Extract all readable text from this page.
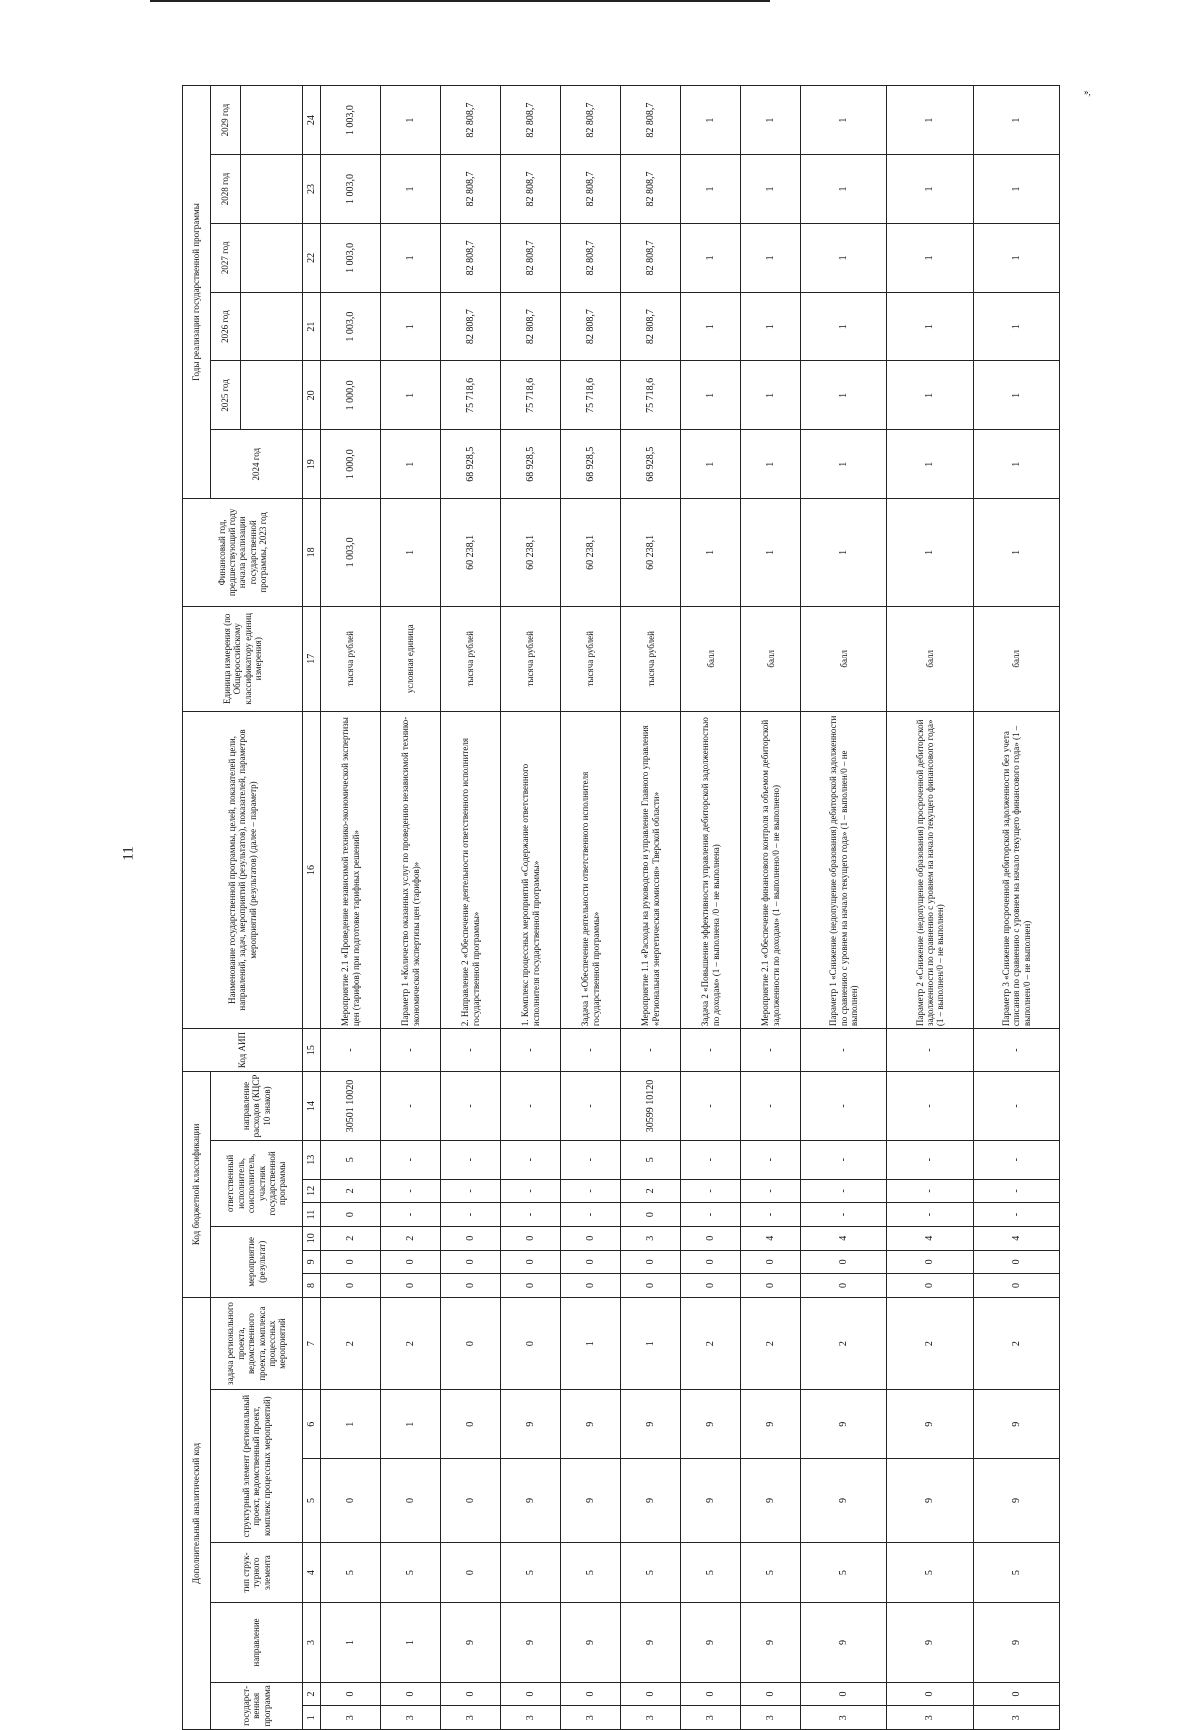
11
Дополнительный аналитический код							Код бюджетной классификации							Код АИП	Наименование государственной программы, целей, показателей цели, направлений, задач, мероприятий (результатов), показателей, параметров мероприятий (результатов) (далее – параметр)	Единица измерения (по Общероссийскому классификатору единиц измерения)	Финансовый год, предшествующий году начала реализации государственной программы, 2023 год	Годы реализации государственной программы					
государст-венная программа		направление	тип струк-турного элемента	структурный элемент (региональный проект, ведомственный проект, комплекс процессных мероприятий)		задача регионального проекта, ведомственного проекта, комплекса процессных мероприятий	мероприятие (результат)			ответственный исполнитель, соисполнитель, участник государственной программы			направление расходов (КЦСР 10 знаков)					2024 год	2025 год	2026 год	2027 год	2028 год	2029 год

1	2	3	4	5	6	7	8	9	10	11	12	13	14	15	16	17	18	19	20	21	22	23	24
3	0	1	5	0	1	2	0	0	2	0	2	5	30501 10020	-	Мероприятие 2.1 «Проведение независимой технико-экономической экспертизы цен (тарифов) при подготовке тарифных решений»	тысяча рублей	1 003,0	1 000,0	1 000,0	1 003,0	1 003,0	1 003,0	1 003,0
3	0	1	5	0	1	2	0	0	2	-	-	-	-	-	Параметр 1 «Количество оказанных услуг по проведению независимой технико-экономической экспертизы цен (тарифов)»	условная единица	1	1	1	1	1	1	1
3	0	9	0	0	0	0	0	0	0	-	-	-	-	-	2. Направление 2 «Обеспечение деятельности ответственного исполнителя государственной программы»	тысяча рублей	60 238,1	68 928,5	75 718,6	82 808,7	82 808,7	82 808,7	82 808,7
3	0	9	5	9	9	0	0	0	0	-	-	-	-	-	1. Комплекс процессных мероприятий «Содержание ответственного исполнителя государственной программы»	тысяча рублей	60 238,1	68 928,5	75 718,6	82 808,7	82 808,7	82 808,7	82 808,7
3	0	9	5	9	9	1	0	0	0	-	-	-	-	-	Задача 1 «Обеспечение деятельности ответственного исполнителя государственной программы»	тысяча рублей	60 238,1	68 928,5	75 718,6	82 808,7	82 808,7	82 808,7	82 808,7
3	0	9	5	9	9	1	0	0	3	0	2	5	30599 10120	-	Мероприятие 1.1 «Расходы на руководство и управление Главного управления «Региональная энергетическая комиссия» Тверской области»	тысяча рублей	60 238,1	68 928,5	75 718,6	82 808,7	82 808,7	82 808,7	82 808,7
3	0	9	5	9	9	2	0	0	0	-	-	-	-	-	Задача 2 «Повышение эффективности управления дебиторской задолженностью по доходам» (1 – выполнена /0 – не выполнена)	балл	1	1	1	1	1	1	1
3	0	9	5	9	9	2	0	0	4	-	-	-	-	-	Мероприятие 2.1 «Обеспечение финансового контроля за объемом дебиторской задолженности по доходам» (1 – выполнено/0 – не выполнено)	балл	1	1	1	1	1	1	1
3	0	9	5	9	9	2	0	0	4	-	-	-	-	-	Параметр 1 «Снижение (недопущение образования) дебиторской задолженности по сравнению с уровнем на начало текущего года» (1 – выполнен/0 – не выполнен)	балл	1	1	1	1	1	1	1
3	0	9	5	9	9	2	0	0	4	-	-	-	-	-	Параметр 2 «Снижение (недопущение образования) просроченной дебиторской задолженности по сравнению с уровнем на начало текущего финансового года» (1 – выполнен/0 – не выполнен)	балл	1	1	1	1	1	1	1
3	0	9	5	9	9	2	0	0	4	-	-	-	-	-	Параметр 3 «Снижение просроченной дебиторской задолженности без учета списания по сравнению с уровнем на начало текущего финансового года» (1 – выполнен/0 – не выполнен)	балл	1	1	1	1	1	1	1
»,
